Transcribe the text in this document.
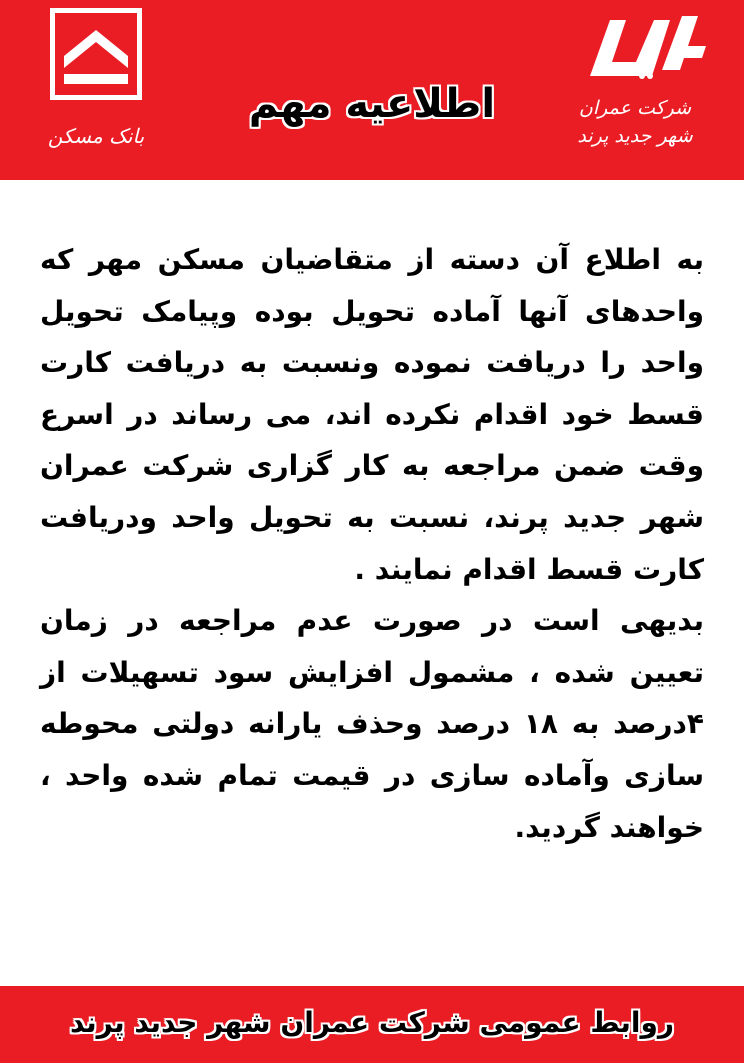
بانک مسکن
شرکت عمران شهر جدید پرند
اطلاعیه مهم

به اطلاع آن دسته از متقاضیان مسکن مهر که واحدهای آنها آماده تحویل بوده وپیامک تحویل واحد را دریافت نموده ونسبت به دریافت کارت قسط خود اقدام نکرده اند، می رساند در اسرع وقت ضمن مراجعه به کار گزاری شرکت عمران شهر جدید پرند، نسبت به تحویل واحد ودریافت کارت قسط اقدام نمایند .

بدیهی است در صورت عدم مراجعه در زمان تعیین شده ، مشمول افزایش سود تسهیلات از ۴درصد به ۱۸ درصد وحذف یارانه دولتی محوطه سازی وآماده سازی در قیمت تمام شده واحد ، خواهند گردید.

روابط عمومی شرکت عمران شهر جدید پرند
